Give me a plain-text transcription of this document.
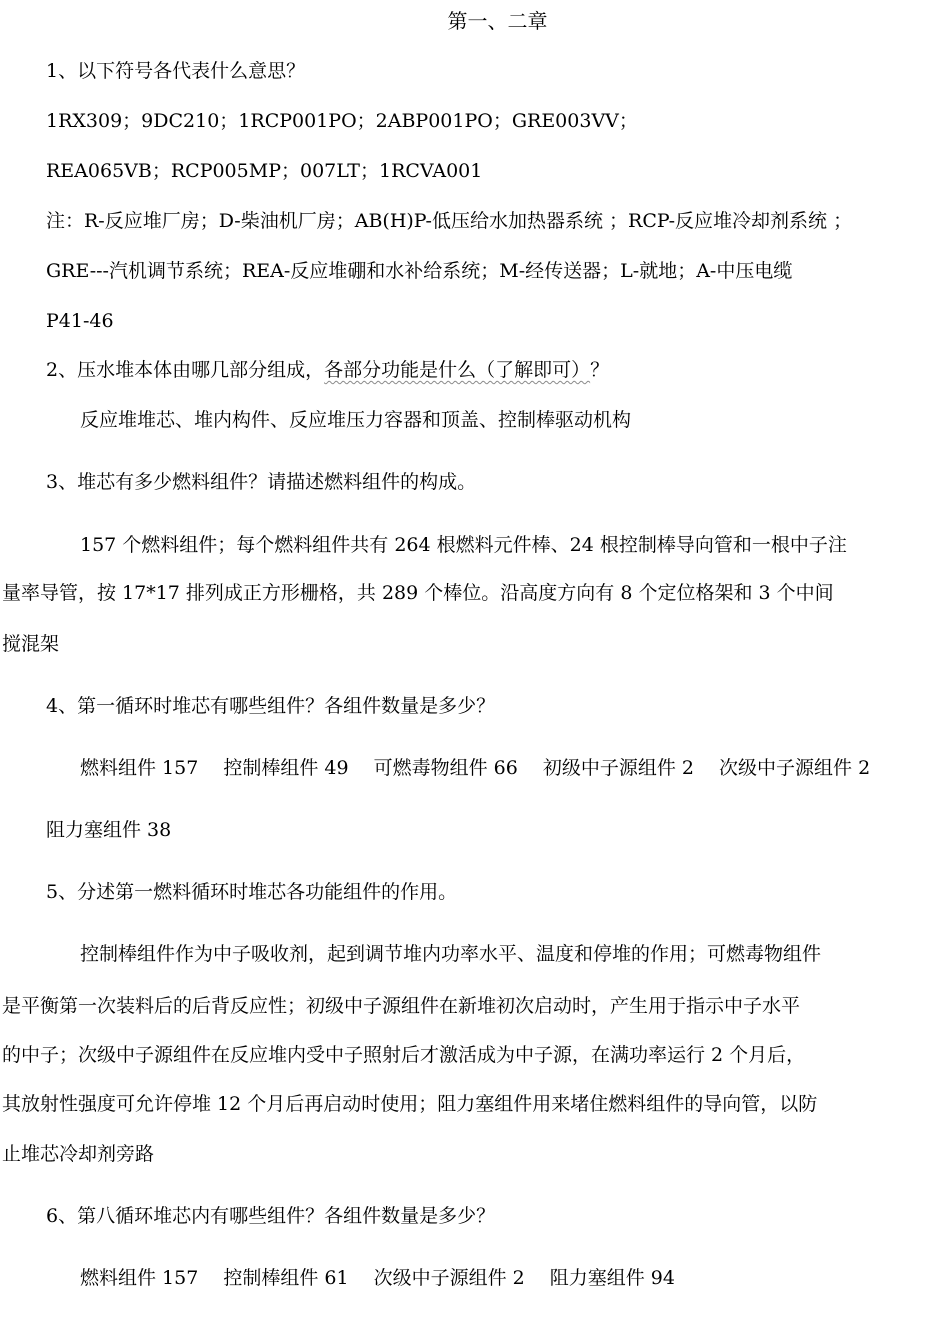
第一、二章
1、以下符号各代表什么意思？
1RX309；9DC210；1RCP001PO；2ABP001PO；GRE003VV；
REA065VB；RCP005MP；007LT；1RCVA001
注：R-反应堆厂房；D-柴油机厂房；AB(H)P-低压给水加热器系统 ；RCP-反应堆冷却剂系统 ；
GRE---汽机调节系统；REA-反应堆硼和水补给系统；M-经传送器；L-就地；A-中压电缆
P41-46
2、压水堆本体由哪几部分组成，各部分功能是什么（了解即可）？
反应堆堆芯、堆内构件、反应堆压力容器和顶盖、控制棒驱动机构
3、堆芯有多少燃料组件？请描述燃料组件的构成。
157 个燃料组件；每个燃料组件共有 264 根燃料元件棒、24 根控制棒导向管和一根中子注
量率导管，按 17*17 排列成正方形栅格，共 289 个棒位。沿高度方向有 8 个定位格架和 3 个中间
搅混架
4、第一循环时堆芯有哪些组件？各组件数量是多少？
燃料组件 157　 控制棒组件 49　 可燃毒物组件 66　 初级中子源组件 2　 次级中子源组件 2
阻力塞组件 38
5、分述第一燃料循环时堆芯各功能组件的作用。
控制棒组件作为中子吸收剂，起到调节堆内功率水平、温度和停堆的作用；可燃毒物组件
是平衡第一次装料后的后背反应性；初级中子源组件在新堆初次启动时，产生用于指示中子水平
的中子；次级中子源组件在反应堆内受中子照射后才激活成为中子源，在满功率运行 2 个月后，
其放射性强度可允许停堆 12 个月后再启动时使用；阻力塞组件用来堵住燃料组件的导向管，以防
止堆芯冷却剂旁路
6、第八循环堆芯内有哪些组件？各组件数量是多少？
燃料组件 157　 控制棒组件 61　 次级中子源组件 2　 阻力塞组件 94
